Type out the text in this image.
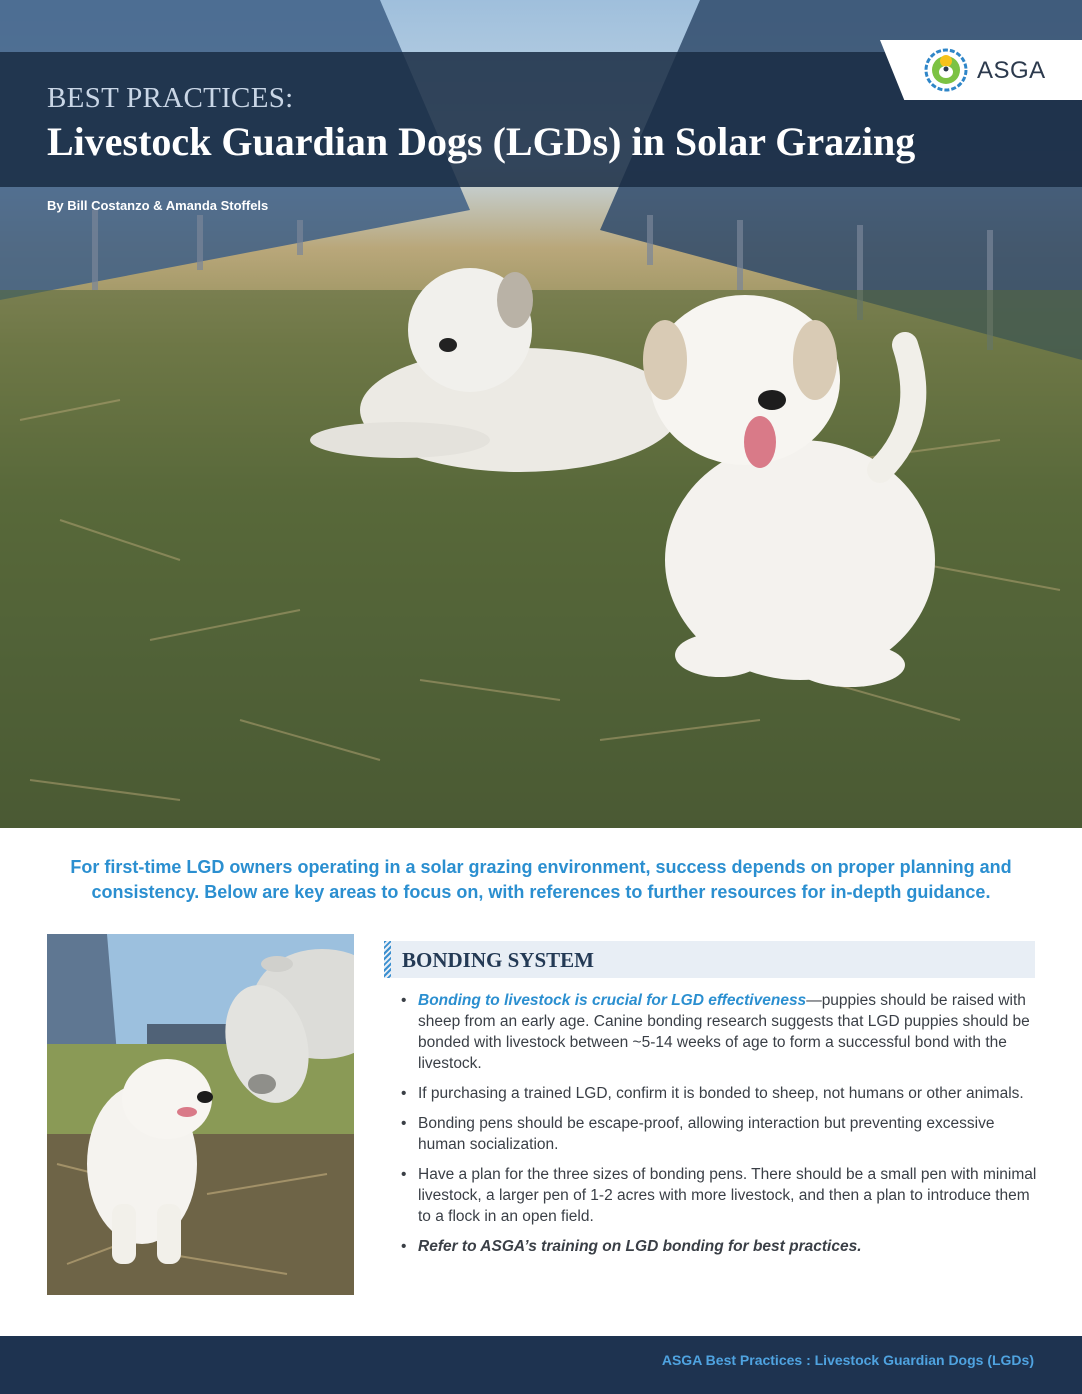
BEST PRACTICES:
Livestock Guardian Dogs (LGDs) in Solar Grazing
By Bill Costanzo & Amanda Stoffels
ASGA

For first-time LGD owners operating in a solar grazing environment, success depends on proper planning and consistency. Below are key areas to focus on, with references to further resources for in-depth guidance.

BONDING SYSTEM
• Bonding to livestock is crucial for LGD effectiveness—puppies should be raised with sheep from an early age. Canine bonding research suggests that LGD puppies should be bonded with livestock between ~5-14 weeks of age to form a successful bond with the livestock.
• If purchasing a trained LGD, confirm it is bonded to sheep, not humans or other animals.
• Bonding pens should be escape-proof, allowing interaction but preventing excessive human socialization.
• Have a plan for the three sizes of bonding pens. There should be a small pen with minimal livestock, a larger pen of 1-2 acres with more livestock, and then a plan to introduce them to a flock in an open field.
• Refer to ASGA’s training on LGD bonding for best practices.
ASGA Best Practices : Livestock Guardian Dogs (LGDs)
